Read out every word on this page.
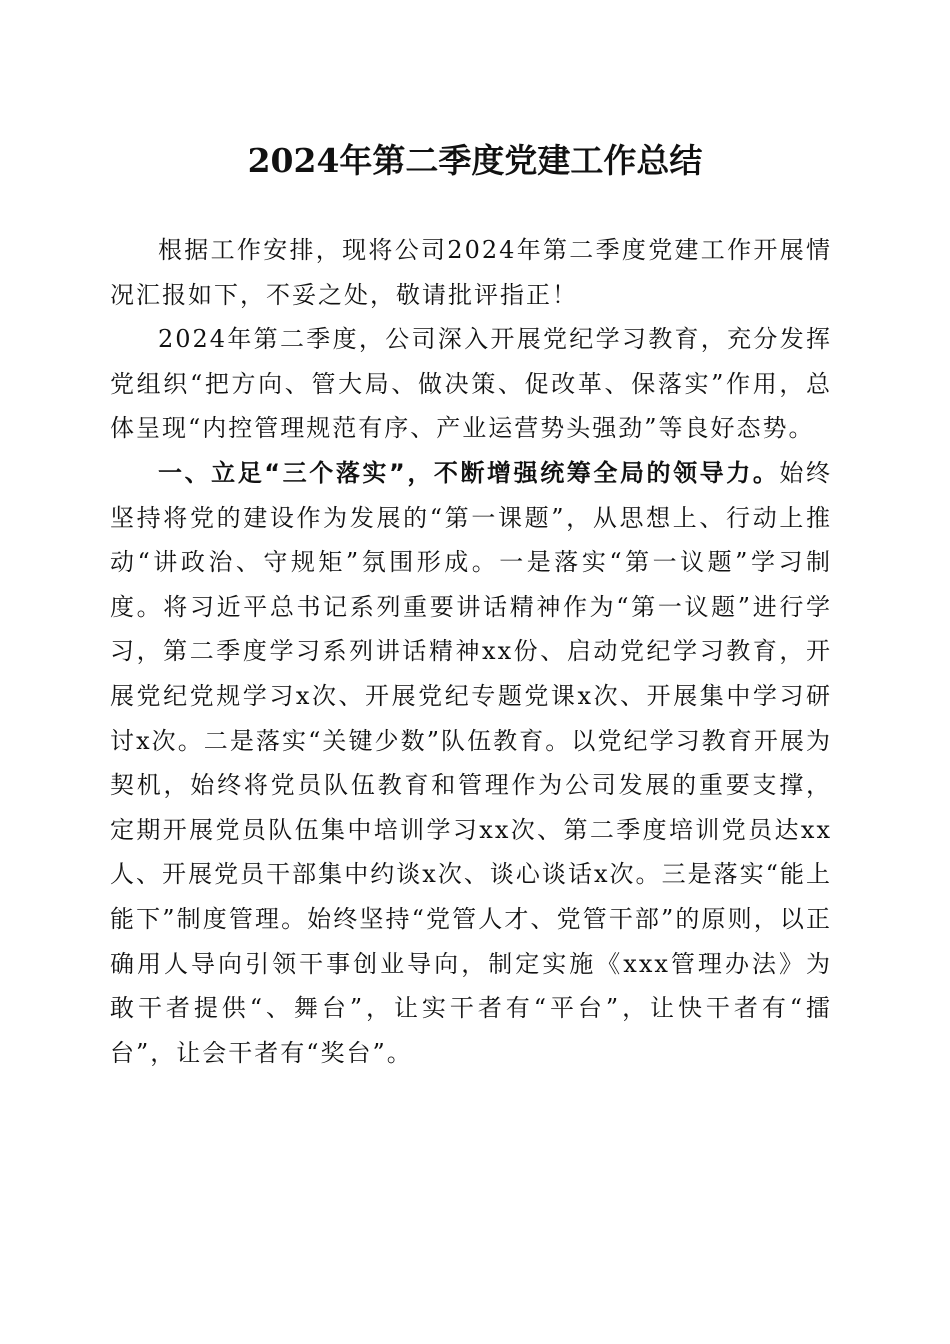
2024年第二季度党建工作总结

根据工作安排，现将公司2024年第二季度党建工作开展情况汇报如下，不妥之处，敬请批评指正！

2024年第二季度，公司深入开展党纪学习教育，充分发挥党组织“把方向、管大局、做决策、促改革、保落实”作用，总体呈现“内控管理规范有序、产业运营势头强劲”等良好态势。

一、立足“三个落实”，不断增强统筹全局的领导力。始终坚持将党的建设作为发展的“第一课题”，从思想上、行动上推动“讲政治、守规矩”氛围形成。一是落实“第一议题”学习制度。将习近平总书记系列重要讲话精神作为“第一议题”进行学习，第二季度学习系列讲话精神xx份、启动党纪学习教育，开展党纪党规学习x次、开展党纪专题党课x次、开展集中学习研讨x次。二是落实“关键少数”队伍教育。以党纪学习教育开展为契机，始终将党员队伍教育和管理作为公司发展的重要支撑，定期开展党员队伍集中培训学习xx次、第二季度培训党员达xx人、开展党员干部集中约谈x次、谈心谈话x次。三是落实“能上能下”制度管理。始终坚持“党管人才、党管干部”的原则，以正确用人导向引领干事创业导向，制定实施《xxx管理办法》为敢干者提供“、舞台”，让实干者有“平台”，让快干者有“擂台”，让会干者有“奖台”。
